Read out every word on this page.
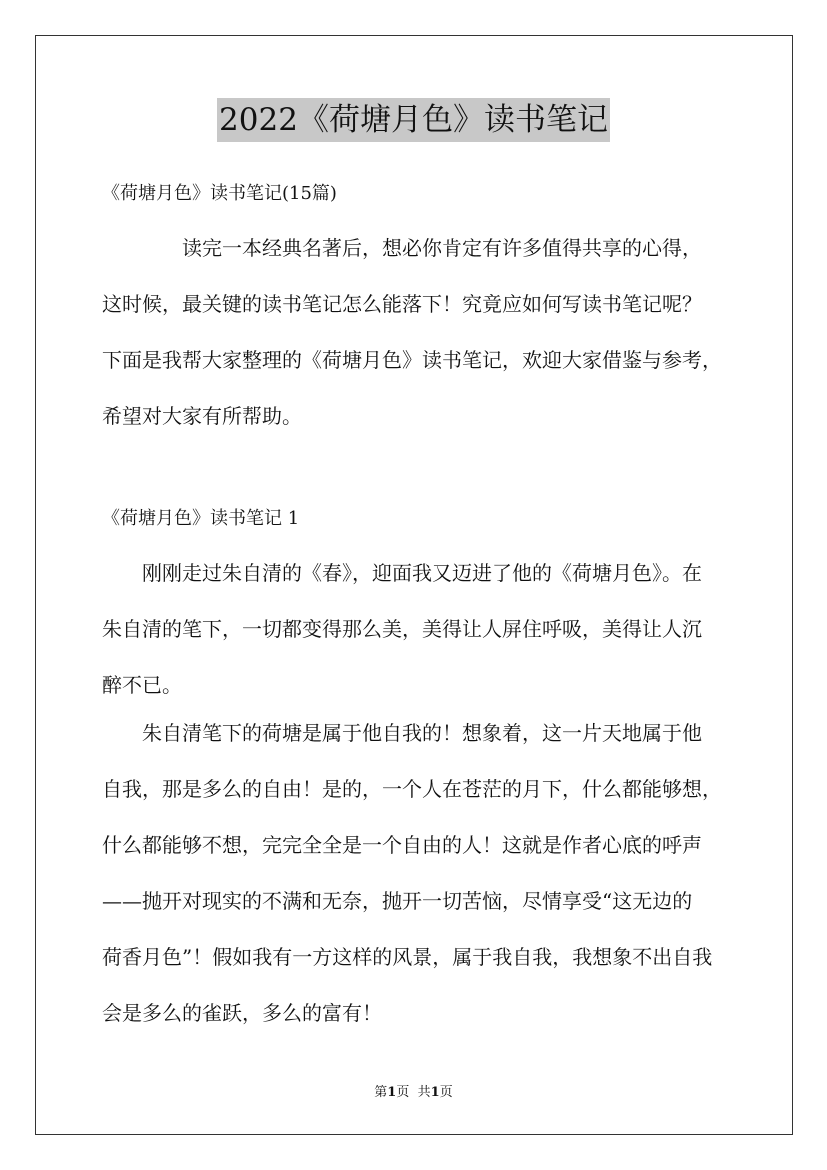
2022《荷塘月色》读书笔记
《荷塘月色》读书笔记(15篇)
读完一本经典名著后，想必你肯定有许多值得共享的心得，
这时候，最关键的读书笔记怎么能落下！究竟应如何写读书笔记呢？
下面是我帮大家整理的《荷塘月色》读书笔记，欢迎大家借鉴与参考，
希望对大家有所帮助。
《荷塘月色》读书笔记 1
刚刚走过朱自清的《春》，迎面我又迈进了他的《荷塘月色》。在
朱自清的笔下，一切都变得那么美，美得让人屏住呼吸，美得让人沉
醉不已。
朱自清笔下的荷塘是属于他自我的！想象着，这一片天地属于他
自我，那是多么的自由！是的，一个人在苍茫的月下，什么都能够想，
什么都能够不想，完完全全是一个自由的人！这就是作者心底的呼声
——抛开对现实的不满和无奈，抛开一切苦恼，尽情享受“这无边的
荷香月色”！假如我有一方这样的风景，属于我自我，我想象不出自我
会是多么的雀跃，多么的富有！
第1页 共1页
